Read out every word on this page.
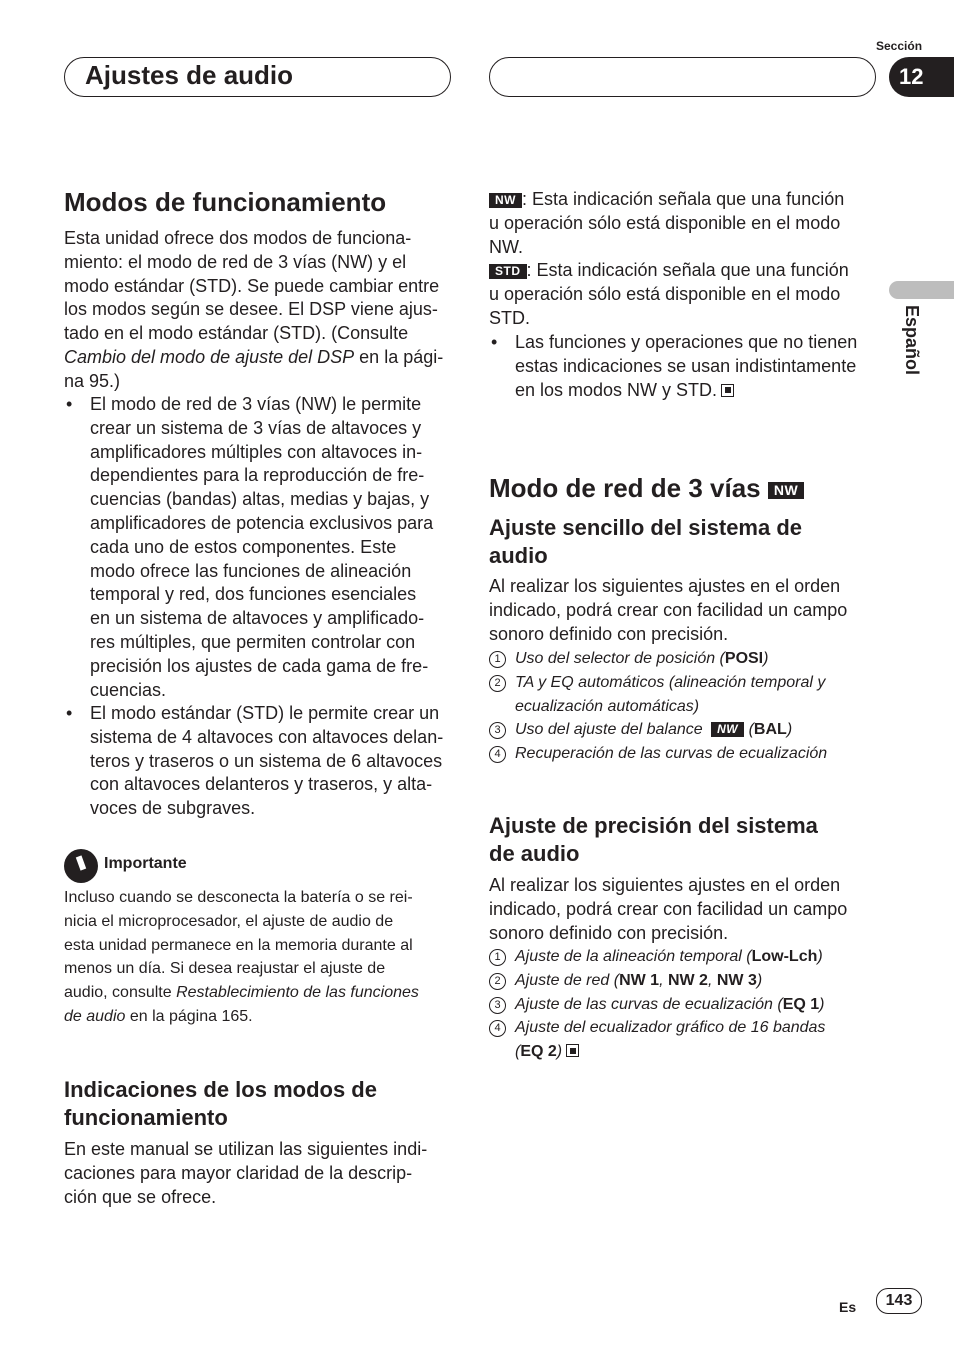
Ajustes de audio
Sección
12
Español
Modos de funcionamiento

Esta unidad ofrece dos modos de funciona-

miento: el modo de red de 3 vías (NW) y el

modo estándar (STD). Se puede cambiar entre

los modos según se desee. El DSP viene ajus-

tado en el modo estándar (STD). (Consulte

Cambio del modo de ajuste del DSP en la pági-

na 95.)

• El modo de red de 3 vías (NW) le permite
crear un sistema de 3 vías de altavoces y
amplificadores múltiples con altavoces in-
dependientes para la reproducción de fre-
cuencias (bandas) altas, medias y bajas, y
amplificadores de potencia exclusivos para
cada uno de estos componentes. Este
modo ofrece las funciones de alineación
temporal y red, dos funciones esenciales
en un sistema de altavoces y amplificado-
res múltiples, que permiten controlar con
precisión los ajustes de cada gama de fre-
cuencias.
• El modo estándar (STD) le permite crear un
sistema de 4 altavoces con altavoces delan-
teros y traseros o un sistema de 6 altavoces
con altavoces delanteros y traseros, y alta-
voces de subgraves.
Importante
Incluso cuando se desconecta la batería o se rei-
nicia el microprocesador, el ajuste de audio de
esta unidad permanece en la memoria durante al
menos un día. Si desea reajustar el ajuste de
audio, consulte Restablecimiento de las funciones
de audio en la página 165.
Indicaciones de los modos de
funcionamiento

En este manual se utilizan las siguientes indi-

caciones para mayor claridad de la descrip-

ción que se ofrece.

NW : Esta indicación señala que una función

u operación sólo está disponible en el modo

NW.

STD : Esta indicación señala que una función

u operación sólo está disponible en el modo

STD.

• Las funciones y operaciones que no tienen
estas indicaciones se usan indistintamente
en los modos NW y STD.
Modo de red de 3 vías NW
Ajuste sencillo del sistema de
audio

Al realizar los siguientes ajustes en el orden

indicado, podrá crear con facilidad un campo

sonoro definido con precisión.

1 Uso del selector de posición (POSI)
2 TA y EQ automáticos (alineación temporal y
ecualización automáticas)
3 Uso del ajuste del balance NW (BAL)
4 Recuperación de las curvas de ecualización
Ajuste de precisión del sistema
de audio

Al realizar los siguientes ajustes en el orden

indicado, podrá crear con facilidad un campo

sonoro definido con precisión.

1 Ajuste de la alineación temporal (Low-Lch)
2 Ajuste de red (NW 1, NW 2, NW 3)
3 Ajuste de las curvas de ecualización (EQ 1)
4 Ajuste del ecualizador gráfico de 16 bandas
(EQ 2)
Es	143
